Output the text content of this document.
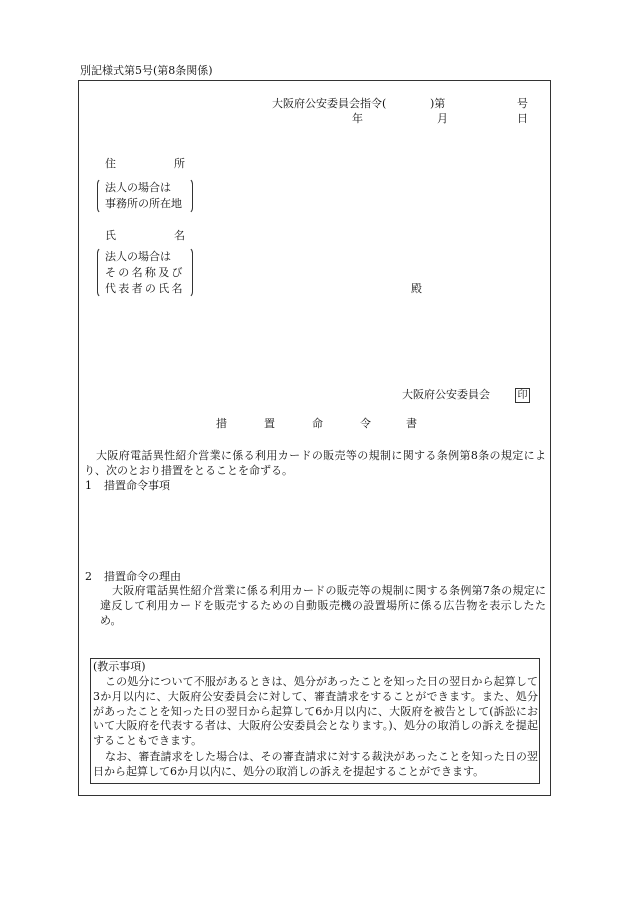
別記様式第5号(第8条関係)
大阪府公安委員会指令(	)第	号
年	月	日
住	所
法人の場合は
事務所の所在地
氏	名
法人の場合は
その名称及び
代表者の氏名	殿
大阪府公安委員会	印
措	置	命	令	書
大阪府電話異性紹介営業に係る利用カードの販売等の規制に関する条例第8条の規定により、次のとおり措置をとることを命ずる。
1 措置命令事項
2 措置命令の理由
大阪府電話異性紹介営業に係る利用カードの販売等の規制に関する条例第7条の規定に違反して利用カードを販売するための自動販売機の設置場所に係る広告物を表示したため。
(教示事項)
この処分について不服があるときは、処分があったことを知った日の翌日から起算して3か月以内に、大阪府公安委員会に対して、審査請求をすることができます。また、処分があったことを知った日の翌日から起算して6か月以内に、大阪府を被告として(訴訟において大阪府を代表する者は、大阪府公安委員会となります。)、処分の取消しの訴えを提起することもできます。
なお、審査請求をした場合は、その審査請求に対する裁決があったことを知った日の翌日から起算して6か月以内に、処分の取消しの訴えを提起することができます。
